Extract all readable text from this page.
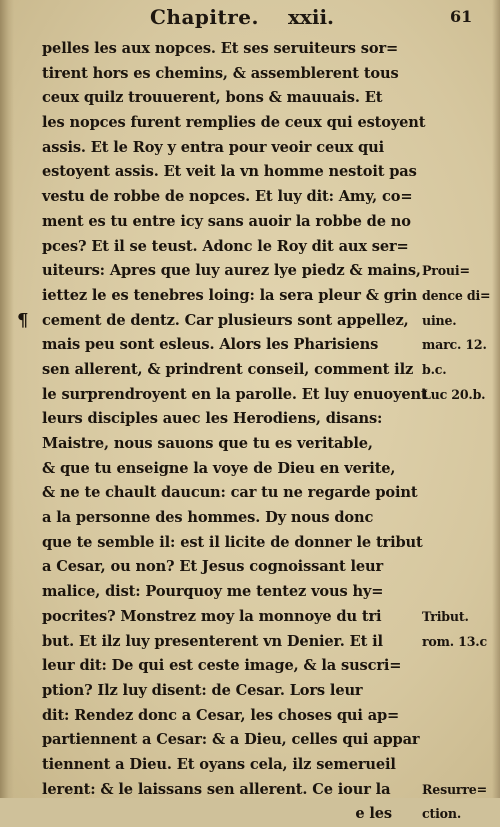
Chapitre. xxii.	61
¶
pelles les aux nopces. Et ses seruiteurs sor=
tirent hors es chemins, & assemblerent tous
ceux quilz trouuerent, bons & mauuais. Et
les nopces furent remplies de ceux qui estoyent
assis. Et le Roy y entra pour veoir ceux qui
estoyent assis. Et veit la vn homme nestoit pas
vestu de robbe de nopces. Et luy dit: Amy, co=
ment es tu entre icy sans auoir la robbe de no
pces? Et il se teust. Adonc le Roy dit aux ser=
uiteurs: Apres que luy aurez lye piedz & mains,
iettez le es tenebres loing: la sera pleur & grin
cement de dentz. Car plusieurs sont appellez,
mais peu sont esleus. Alors les Pharisiens
sen allerent, & prindrent conseil, comment ilz
le surprendroyent en la parolle. Et luy enuoyent
leurs disciples auec les Herodiens, disans:
Maistre, nous sauons que tu es veritable,
& que tu enseigne la voye de Dieu en verite,
& ne te chault daucun: car tu ne regarde point
a la personne des hommes. Dy nous donc
que te semble il: est il licite de donner le tribut
a Cesar, ou non? Et Jesus cognoissant leur
malice, dist: Pourquoy me tentez vous hy=
pocrites? Monstrez moy la monnoye du tri
but. Et ilz luy presenterent vn Denier. Et il
leur dit: De qui est ceste image, & la suscri=
ption? Ilz luy disent: de Cesar. Lors leur
dit: Rendez donc a Cesar, les choses qui ap=
partiennent a Cesar: & a Dieu, celles qui appar
tiennent a Dieu. Et oyans cela, ilz semerueil
lerent: & le laissans sen allerent. Ce iour la
e les
Proui=
dence di=
uine.
marc. 12.
b.c.
Luc 20.b.
Tribut.
rom. 13.c
Resurre=
ction.
